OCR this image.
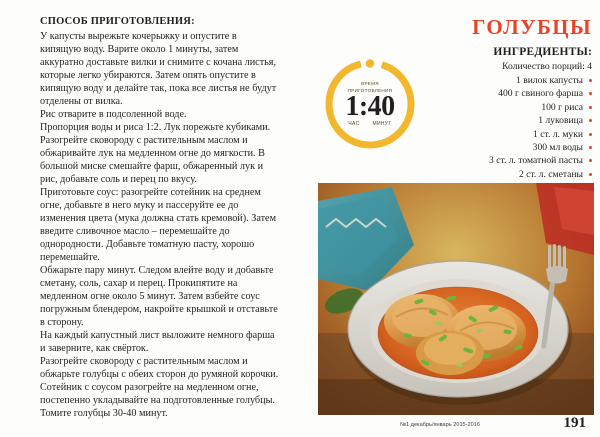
СПОСОБ ПРИГОТОВЛЕНИЯ:

У капусты вырежьте кочерыжку и опустите в кипящую воду. Варите около 1 минуты, затем аккуратно доставьте вилки и снимите с кочана листья, которые легко убираются. Затем опять опустите в кипящую воду и делайте так, пока все листья не будут отделены от вилка.

Рис отварите в подсоленной воде.

Пропорция воды и риса 1:2. Лук порежьте кубиками. Разогрейте сковороду с растительным маслом и обжаривайте лук на медленном огне до мягкости. В большой миске смешайте фарш, обжаренный лук и рис, добавьте соль и перец по вкусу.

Приготовьте соус: разогрейте сотейник на среднем огне, добавьте в него муку и пассеруйте ее до изменения цвета (мука должна стать кремовой). Затем введите сливочное масло – перемешайте до однородности. Добавьте томатную пасту, хорошо перемешайте.

Обжарьте пару минут. Следом влейте воду и добавьте сметану, соль, сахар и перец. Прокипятите на медленном огне около 5 минут. Затем взбейте соус погружным блендером, накройте крышкой и отставьте в сторону.

На каждый капустный лист выложите немного фарша и заверните, как свёрток.

Разогрейте сковороду с растительным маслом и обжарьте голубцы с обеих сторон до румяной корочки. Сотейник с соусом разогрейте на медленном огне, постепенно укладывайте на подготовленные голубцы.

Томите голубцы 30-40 минут.

ВРЕМЯ
ПРИГОТОВЛЕНИЯ
1:40
ЧАС	МИНУТ
ГОЛУБЦЫ
ИНГРЕДИЕНТЫ:
Количество порций: 4
1 вилок капусты
400 г свиного фарша
100 г риса
1 луковица
1 ст. л. муки
300 мл воды
3 ст. л. томатной пасты
2 ст. л. сметаны
№1 декабрь/январь 2015-2016	191
